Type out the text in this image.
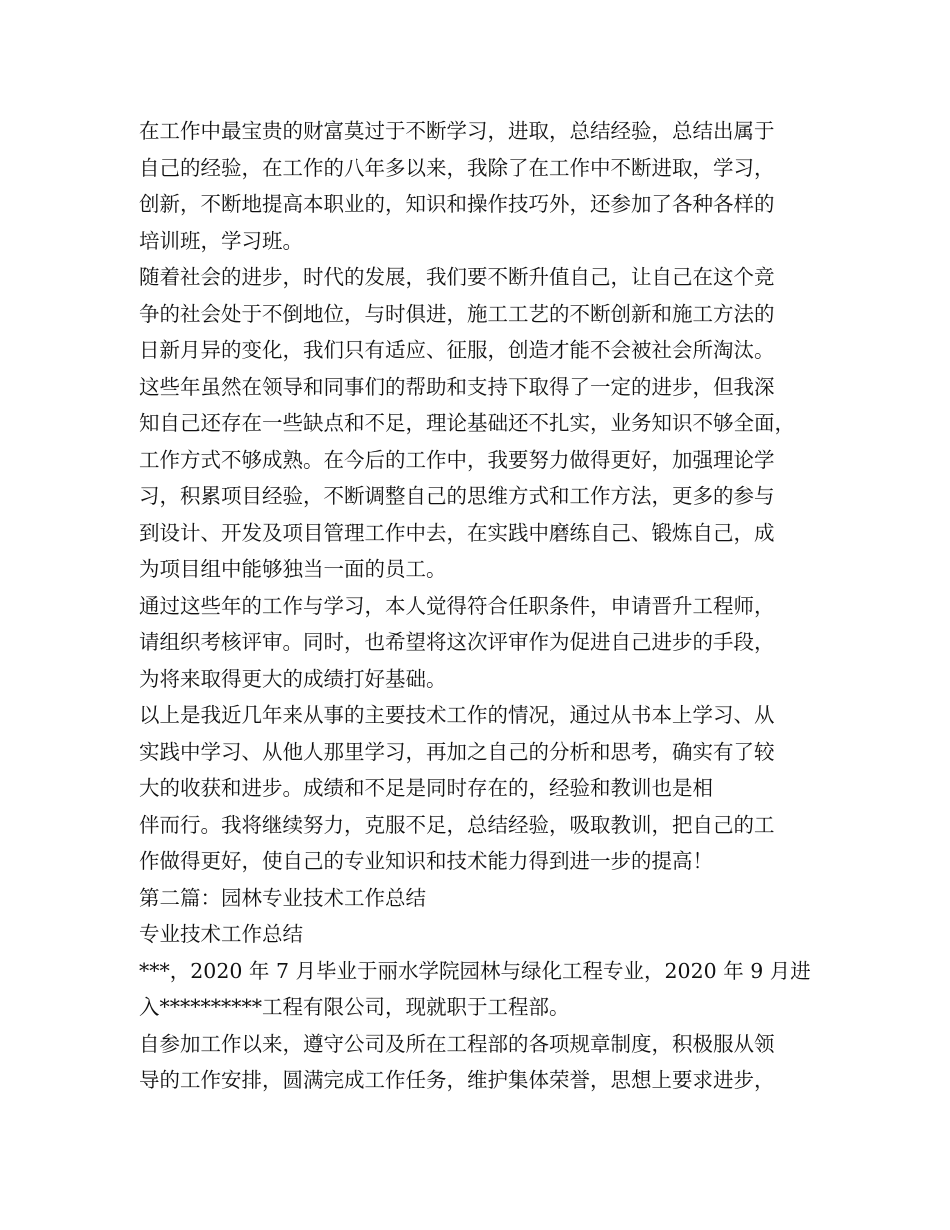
在工作中最宝贵的财富莫过于不断学习，进取，总结经验，总结出属于
自己的经验，在工作的八年多以来，我除了在工作中不断进取，学习，
创新，不断地提高本职业的，知识和操作技巧外，还参加了各种各样的
培训班，学习班。
随着社会的进步，时代的发展，我们要不断升值自己，让自己在这个竞
争的社会处于不倒地位，与时俱进，施工工艺的不断创新和施工方法的
日新月异的变化，我们只有适应、征服，创造才能不会被社会所淘汰。
这些年虽然在领导和同事们的帮助和支持下取得了一定的进步，但我深
知自己还存在一些缺点和不足，理论基础还不扎实，业务知识不够全面，
工作方式不够成熟。在今后的工作中，我要努力做得更好，加强理论学
习，积累项目经验，不断调整自己的思维方式和工作方法，更多的参与
到设计、开发及项目管理工作中去，在实践中磨练自己、锻炼自己，成
为项目组中能够独当一面的员工。
通过这些年的工作与学习，本人觉得符合任职条件，申请晋升工程师，
请组织考核评审。同时，也希望将这次评审作为促进自己进步的手段，
为将来取得更大的成绩打好基础。
以上是我近几年来从事的主要技术工作的情况，通过从书本上学习、从
实践中学习、从他人那里学习，再加之自己的分析和思考，确实有了较
大的收获和进步。成绩和不足是同时存在的，经验和教训也是相
伴而行。我将继续努力，克服不足，总结经验，吸取教训，把自己的工
作做得更好，使自己的专业知识和技术能力得到进一步的提高！
第二篇：园林专业技术工作总结
专业技术工作总结
***，2020 年 7 月毕业于丽水学院园林与绿化工程专业，2020 年 9 月进
入**********工程有限公司，现就职于工程部。
自参加工作以来，遵守公司及所在工程部的各项规章制度，积极服从领
导的工作安排，圆满完成工作任务，维护集体荣誉，思想上要求进步，
